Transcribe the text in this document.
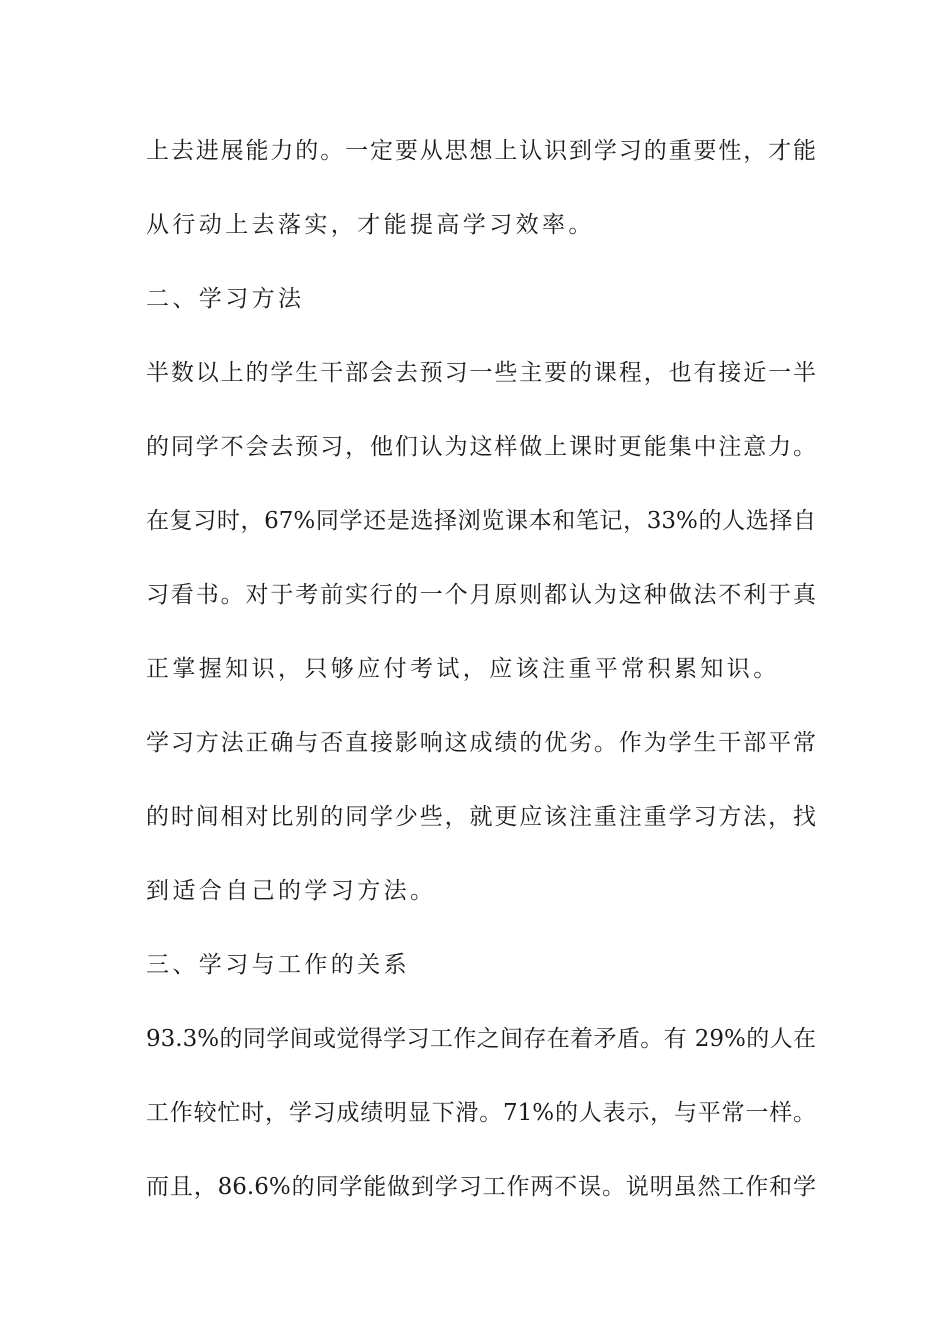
上去进展能力的。一定要从思想上认识到学习的重要性，才能
从行动上去落实，才能提高学习效率。
二、学习方法
半数以上的学生干部会去预习一些主要的课程，也有接近一半
的同学不会去预习，他们认为这样做上课时更能集中注意力。
在复习时，67%同学还是选择浏览课本和笔记，33%的人选择自
习看书。对于考前实行的一个月原则都认为这种做法不利于真
正掌握知识，只够应付考试，应该注重平常积累知识。
学习方法正确与否直接影响这成绩的优劣。作为学生干部平常
的时间相对比别的同学少些，就更应该注重注重学习方法，找
到适合自己的学习方法。
三、学习与工作的关系
93.3%的同学间或觉得学习工作之间存在着矛盾。有 29%的人在
工作较忙时，学习成绩明显下滑。71%的人表示，与平常一样。
而且，86.6%的同学能做到学习工作两不误。说明虽然工作和学
